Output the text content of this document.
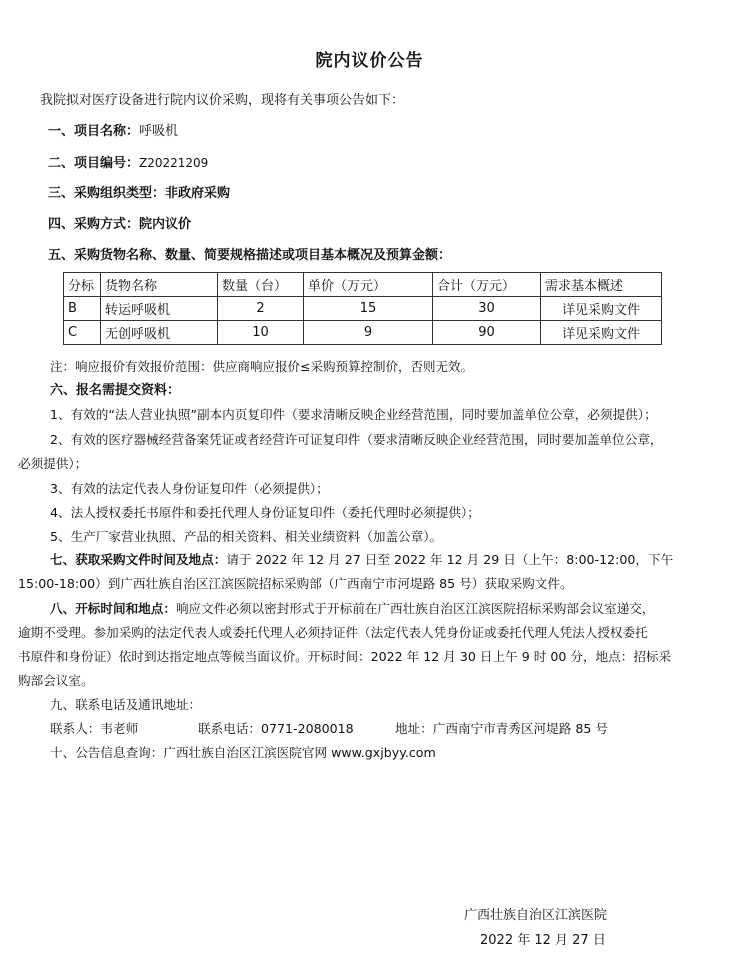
院内议价公告
我院拟对医疗设备进行院内议价采购，现将有关事项公告如下：
一、项目名称：呼吸机
二、项目编号：Z20221209
三、采购组织类型：非政府采购
四、采购方式：院内议价
五、采购货物名称、数量、简要规格描述或项目基本概况及预算金额：
分标	货物名称	数量（台）	单价（万元）	合计（万元）	需求基本概述
B	转运呼吸机	2	15	30	详见采购文件
C	无创呼吸机	10	9	90	详见采购文件
注：响应报价有效报价范围：供应商响应报价≤采购预算控制价，否则无效。
六、报名需提交资料：
1、有效的“法人营业执照”副本内页复印件（要求清晰反映企业经营范围，同时要加盖单位公章，必须提供）；
2、有效的医疗器械经营备案凭证或者经营许可证复印件（要求清晰反映企业经营范围，同时要加盖单位公章，
必须提供）；
3、有效的法定代表人身份证复印件（必须提供）；
4、法人授权委托书原件和委托代理人身份证复印件（委托代理时必须提供）；
5、生产厂家营业执照、产品的相关资料、相关业绩资料（加盖公章）。
七、获取采购文件时间及地点：请于 2022 年 12 月 27 日至 2022 年 12 月 29 日（上午：8:00-12:00，下午
15:00-18:00）到广西壮族自治区江滨医院招标采购部（广西南宁市河堤路 85 号）获取采购文件。
八、开标时间和地点：响应文件必须以密封形式于开标前在广西壮族自治区江滨医院招标采购部会议室递交，
逾期不受理。参加采购的法定代表人或委托代理人必须持证件（法定代表人凭身份证或委托代理人凭法人授权委托
书原件和身份证）依时到达指定地点等候当面议价。开标时间：2022 年 12 月 30 日上午 9 时 00 分，地点：招标采
购部会议室。
九、联系电话及通讯地址：
联系人：韦老师	联系电话：0771-2080018	地址：广西南宁市青秀区河堤路 85 号
十、公告信息查询：广西壮族自治区江滨医院官网 www.gxjbyy.com
广西壮族自治区江滨医院
2022 年 12 月 27 日
